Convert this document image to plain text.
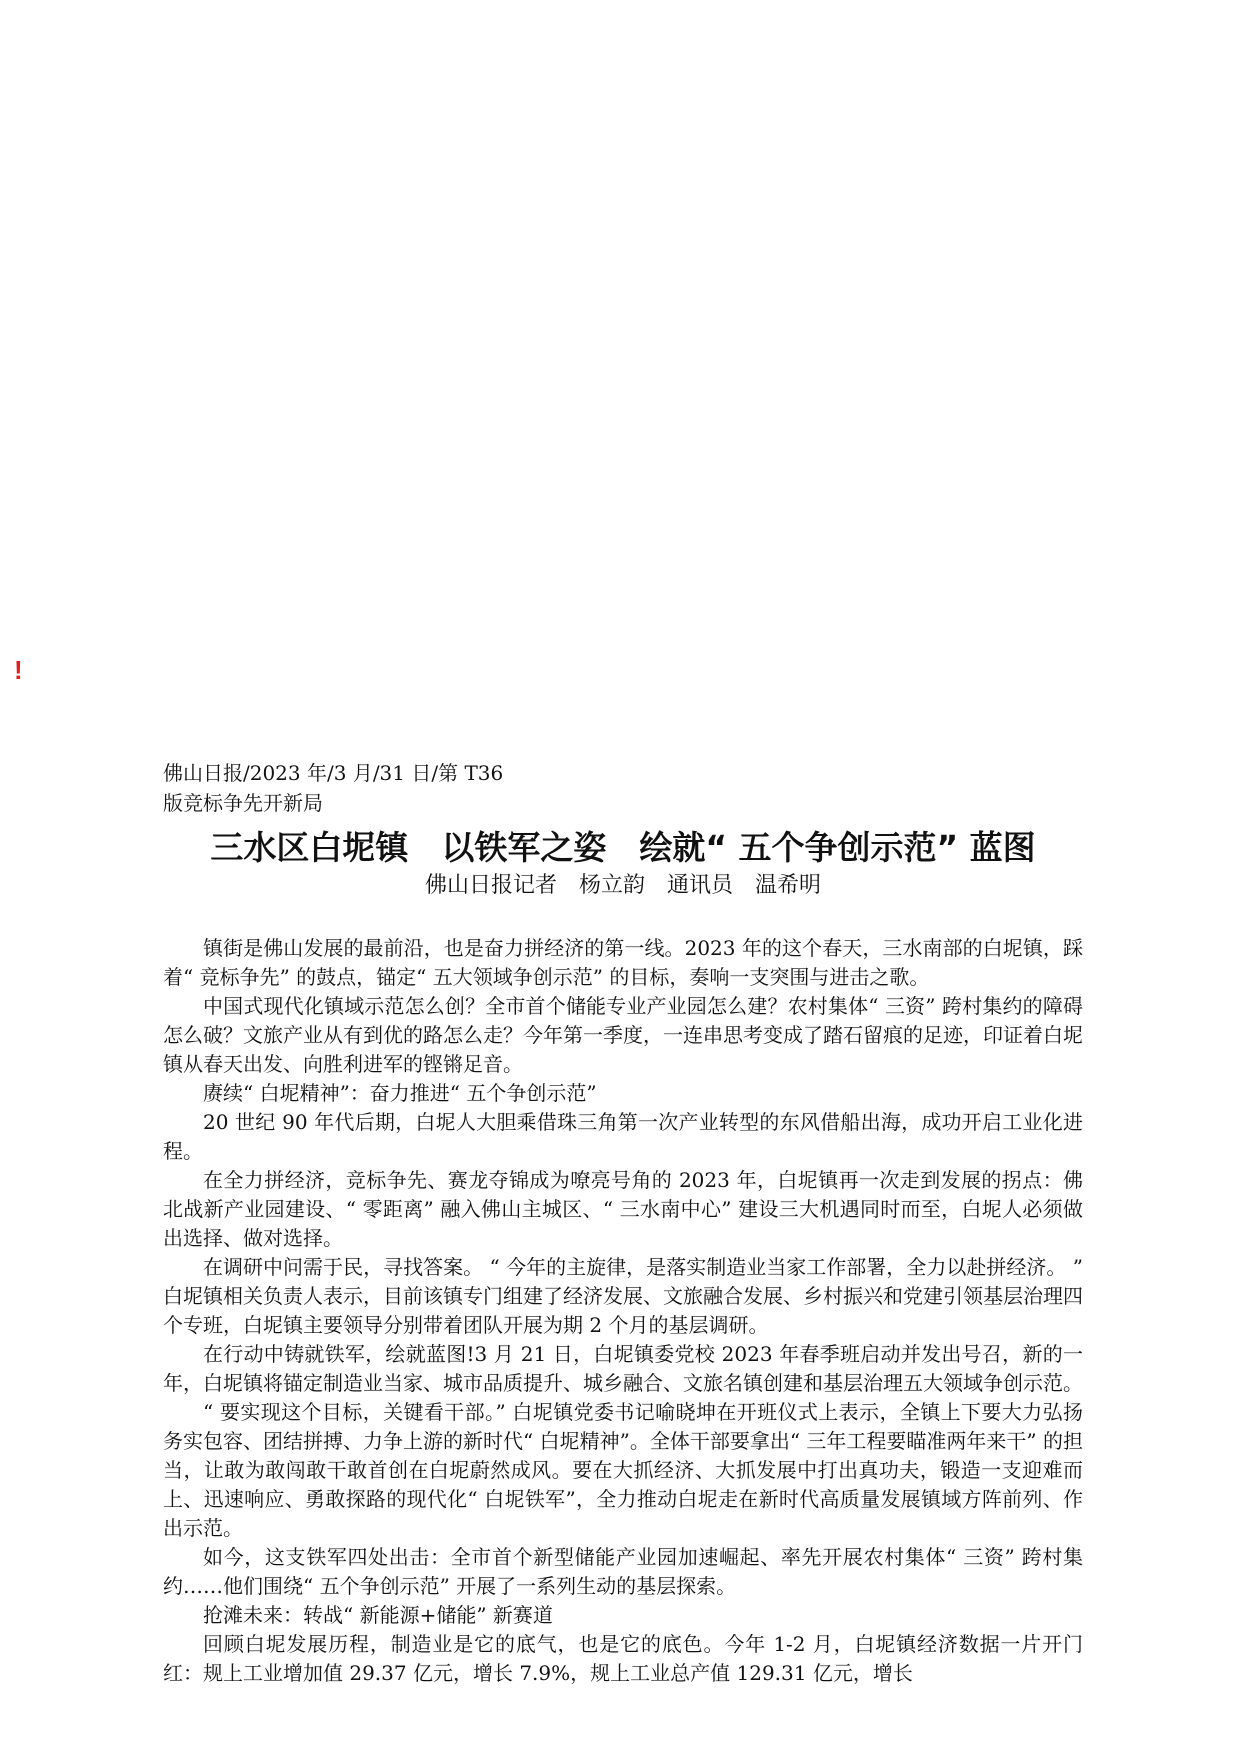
!

佛山日报/2023 年/3 月/31 日/第 T36

版竞标争先开新局

三水区白坭镇　以铁军之姿　绘就“ 五个争创示范” 蓝图

佛山日报记者　杨立韵　通讯员　温希明

镇街是佛山发展的最前沿，也是奋力拼经济的第一线。2023 年的这个春天，三水南部的白坭镇，踩着“ 竞标争先” 的鼓点，锚定“ 五大领域争创示范” 的目标，奏响一支突围与进击之歌。

中国式现代化镇域示范怎么创？全市首个储能专业产业园怎么建？农村集体“ 三资” 跨村集约的障碍怎么破？文旅产业从有到优的路怎么走？今年第一季度，一连串思考变成了踏石留痕的足迹，印证着白坭镇从春天出发、向胜利进军的铿锵足音。

赓续“ 白坭精神”：奋力推进“ 五个争创示范”

20 世纪 90 年代后期，白坭人大胆乘借珠三角第一次产业转型的东风借船出海，成功开启工业化进程。

在全力拼经济，竞标争先、赛龙夺锦成为嘹亮号角的 2023 年，白坭镇再一次走到发展的拐点：佛北战新产业园建设、“ 零距离” 融入佛山主城区、“ 三水南中心” 建设三大机遇同时而至，白坭人必须做出选择、做对选择。

在调研中问需于民，寻找答案。 “ 今年的主旋律，是落实制造业当家工作部署，全力以赴拼经济。 ” 白坭镇相关负责人表示，目前该镇专门组建了经济发展、文旅融合发展、乡村振兴和党建引领基层治理四个专班，白坭镇主要领导分别带着团队开展为期 2 个月的基层调研。

在行动中铸就铁军，绘就蓝图!3 月 21 日，白坭镇委党校 2023 年春季班启动并发出号召，新的一年，白坭镇将锚定制造业当家、城市品质提升、城乡融合、文旅名镇创建和基层治理五大领域争创示范。

“ 要实现这个目标，关键看干部。” 白坭镇党委书记喻晓坤在开班仪式上表示，全镇上下要大力弘扬务实包容、团结拼搏、力争上游的新时代“ 白坭精神”。全体干部要拿出“ 三年工程要瞄准两年来干” 的担当，让敢为敢闯敢干敢首创在白坭蔚然成风。要在大抓经济、大抓发展中打出真功夫，锻造一支迎难而上、迅速响应、勇敢探路的现代化“ 白坭铁军”，全力推动白坭走在新时代高质量发展镇域方阵前列、作出示范。

如今，这支铁军四处出击：全市首个新型储能产业园加速崛起、率先开展农村集体“ 三资” 跨村集约……他们围绕“ 五个争创示范” 开展了一系列生动的基层探索。

抢滩未来：转战“ 新能源+储能” 新赛道

回顾白坭发展历程，制造业是它的底气，也是它的底色。今年 1-2 月，白坭镇经济数据一片开门红：规上工业增加值 29.37 亿元，增长 7.9%，规上工业总产值 129.31 亿元，增长
